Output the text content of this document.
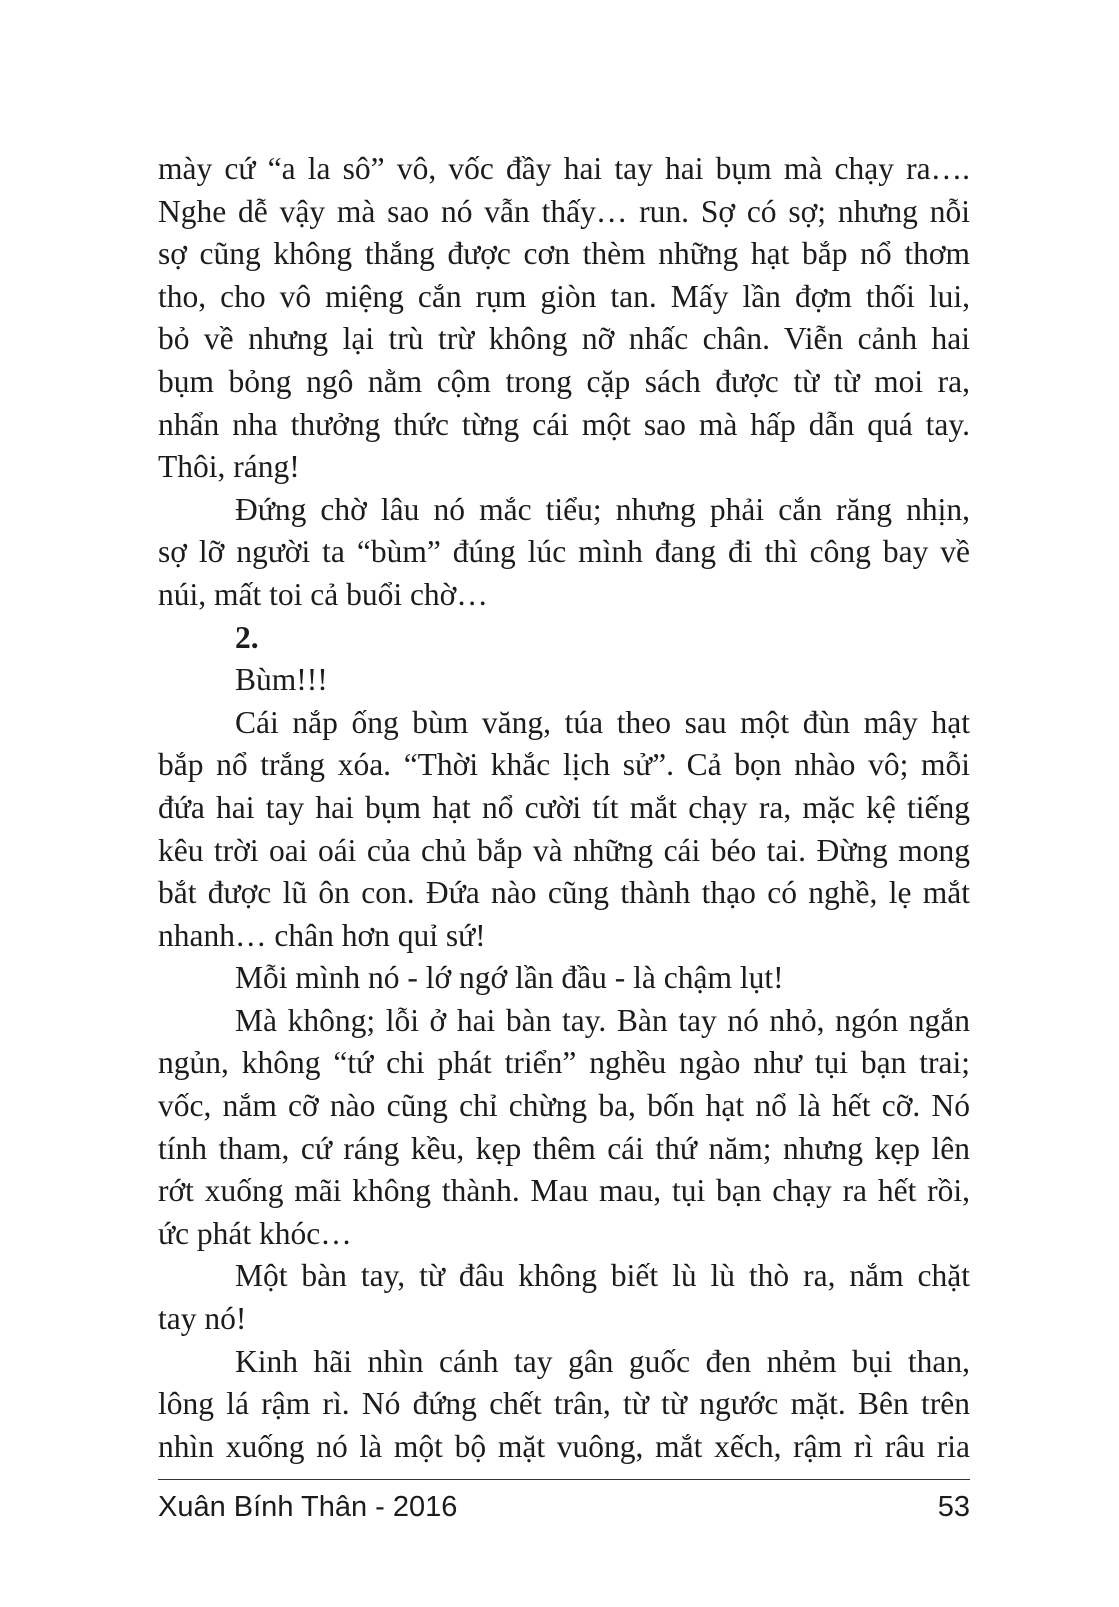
mày cứ “a la sô” vô, vốc đầy hai tay hai bụm mà chạy ra….
Nghe dễ vậy mà sao nó vẫn thấy… run. Sợ có sợ; nhưng nỗi
sợ cũng không thắng được cơn thèm những hạt bắp nổ thơm
tho, cho vô miệng cắn rụm giòn tan. Mấy lần đợm thối lui,
bỏ về nhưng lại trù trừ không nỡ nhấc chân. Viễn cảnh hai
bụm bỏng ngô nằm cộm trong cặp sách được từ từ moi ra,
nhẩn nha thưởng thức từng cái một sao mà hấp dẫn quá tay.
Thôi, ráng!
Đứng chờ lâu nó mắc tiểu; nhưng phải cắn răng nhịn,
sợ lỡ người ta “bùm” đúng lúc mình đang đi thì công bay về
núi, mất toi cả buổi chờ…
2.
Bùm!!!
Cái nắp ống bùm văng, túa theo sau một đùn mây hạt
bắp nổ trắng xóa. “Thời khắc lịch sử”. Cả bọn nhào vô; mỗi
đứa hai tay hai bụm hạt nổ cười tít mắt chạy ra, mặc kệ tiếng
kêu trời oai oái của chủ bắp và những cái béo tai. Đừng mong
bắt được lũ ôn con. Đứa nào cũng thành thạo có nghề, lẹ mắt
nhanh… chân hơn quỉ sứ!
Mỗi mình nó - lớ ngớ lần đầu - là chậm lụt!
Mà không; lỗi ở hai bàn tay. Bàn tay nó nhỏ, ngón ngắn
ngủn, không “tứ chi phát triển” nghều ngào như tụi bạn trai;
vốc, nắm cỡ nào cũng chỉ chừng ba, bốn hạt nổ là hết cỡ. Nó
tính tham, cứ ráng kều, kẹp thêm cái thứ năm; nhưng kẹp lên
rớt xuống mãi không thành. Mau mau, tụi bạn chạy ra hết rồi,
ức phát khóc…
Một bàn tay, từ đâu không biết lù lù thò ra, nắm chặt
tay nó!
Kinh hãi nhìn cánh tay gân guốc đen nhẻm bụi than,
lông lá rậm rì. Nó đứng chết trân, từ từ ngước mặt. Bên trên
nhìn xuống nó là một bộ mặt vuông, mắt xếch, rậm rì râu ria
Xuân Bính Thân - 2016	53
